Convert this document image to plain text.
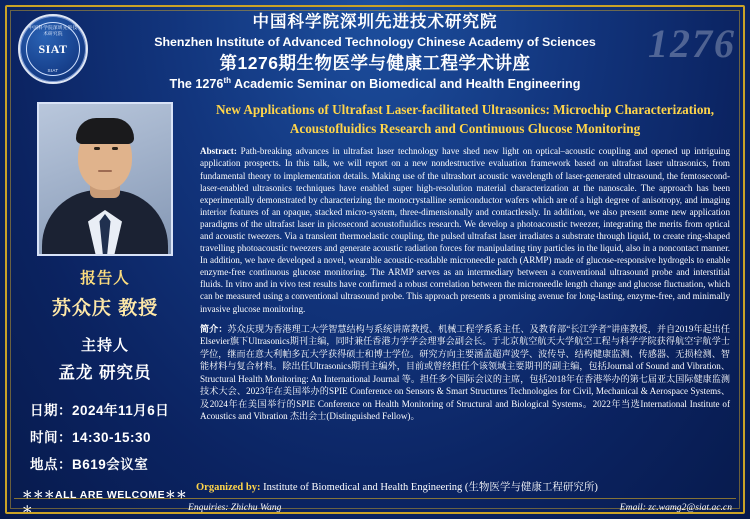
中国科学院深圳先进技术研究院
SIAT
SIAT
1276
中国科学院深圳先进技术研究院
Shenzhen Institute of Advanced Technology Chinese Academy of Sciences
第1276期生物医学与健康工程学术讲座
The 1276th Academic Seminar on Biomedical and Health Engineering
报告人
苏众庆 教授
主持人
孟龙 研究员
日期：2024年11月6日
时间：14:30-15:30
地点：B619会议室
＊＊＊ALL ARE WELCOME＊＊＊
New Applications of Ultrafast Laser-facilitated Ultrasonics: Microchip Characterization, Acoustofluidics Research and Continuous Glucose Monitoring
Abstract: Path-breaking advances in ultrafast laser technology have shed new light on optical–acoustic coupling and opened up intriguing application prospects. In this talk, we will report on a new nondestructive evaluation framework based on ultrafast laser ultrasonics, from fundamental theory to implementation details. Making use of the ultrashort acoustic wavelength of laser-generated ultrasound, the femtosecond-laser-enabled ultrasonics techniques have enabled super high-resolution material characterization at the nanoscale. The approach has been experimentally demonstrated by characterizing the monocrystalline semiconductor wafers which are of a high degree of anisotropy, and imaging interior features of an opaque, stacked micro-system, three-dimensionally and contactlessly. In addition, we also present some new application paradigms of the ultrafast laser in picosecond acoustofluidics research. We develop a photoacoustic tweezer, integrating the merits from optical and acoustic tweezers. Via a transient thermoelastic coupling, the pulsed ultrafast laser irradiates a substrate through liquid, to create ring-shaped travelling photoacoustic tweezers and generate acoustic radiation forces for manipulating tiny particles in the liquid, also in a noncontact manner. In addition, we have developed a novel, wearable acoustic-readable microneedle patch (ARMP) made of glucose-responsive hydrogels to enable enzyme-free continuous glucose monitoring. The ARMP serves as an intermediary between a conventional ultrasound probe and interstitial fluids. In vitro and in vivo test results have confirmed a robust correlation between the microneedle length change and glucose fluctuation, which can be measured using a conventional ultrasound probe. This approach presents a promising avenue for long-lasting, enzyme-free, and minimally invasive glucose monitoring.
简介：苏众庆现为香港理工大学智慧结构与系统讲席教授、机械工程学系系主任、及教育部“长江学者”讲座教授，并自2019年起出任Elsevier旗下Ultrasonics期刊主编，同时兼任香港力学学会理事会副会长。于北京航空航天大学航空工程与科学学院获得航空宇航学士学位，继而在意大利帕多瓦大学获得硕士和博士学位。研究方向主要涵盖超声波学、波传导、结构健康监测、传感器、无损检测、智能材料与复合材料。除出任Ultrasonics期刊主编外，目前或曾经担任个该领域主要期刊的副主编，包括Journal of Sound and Vibration、 Structural Health Monitoring: An International Journal 等。担任多个国际会议的主席，包括2018年在香港举办的第七届亚太国际健康监测技术大会、2023年在美国举办的SPIE Conference on Sensors & Smart Structures Technologies for Civil, Mechanical & Aerospace Systems、及2024年在美国举行的SPIE Conference on Health Monitoring of Structural and Biological Systems。2022年当选International Institute of Acoustics and Vibration 杰出会士(Distinguished Fellow)。
Organized by: Institute of Biomedical and Health Engineering (生物医学与健康工程研究所)
Enquiries: Zhichu Wang	Email: zc.wamg2@siat.ac.cn
